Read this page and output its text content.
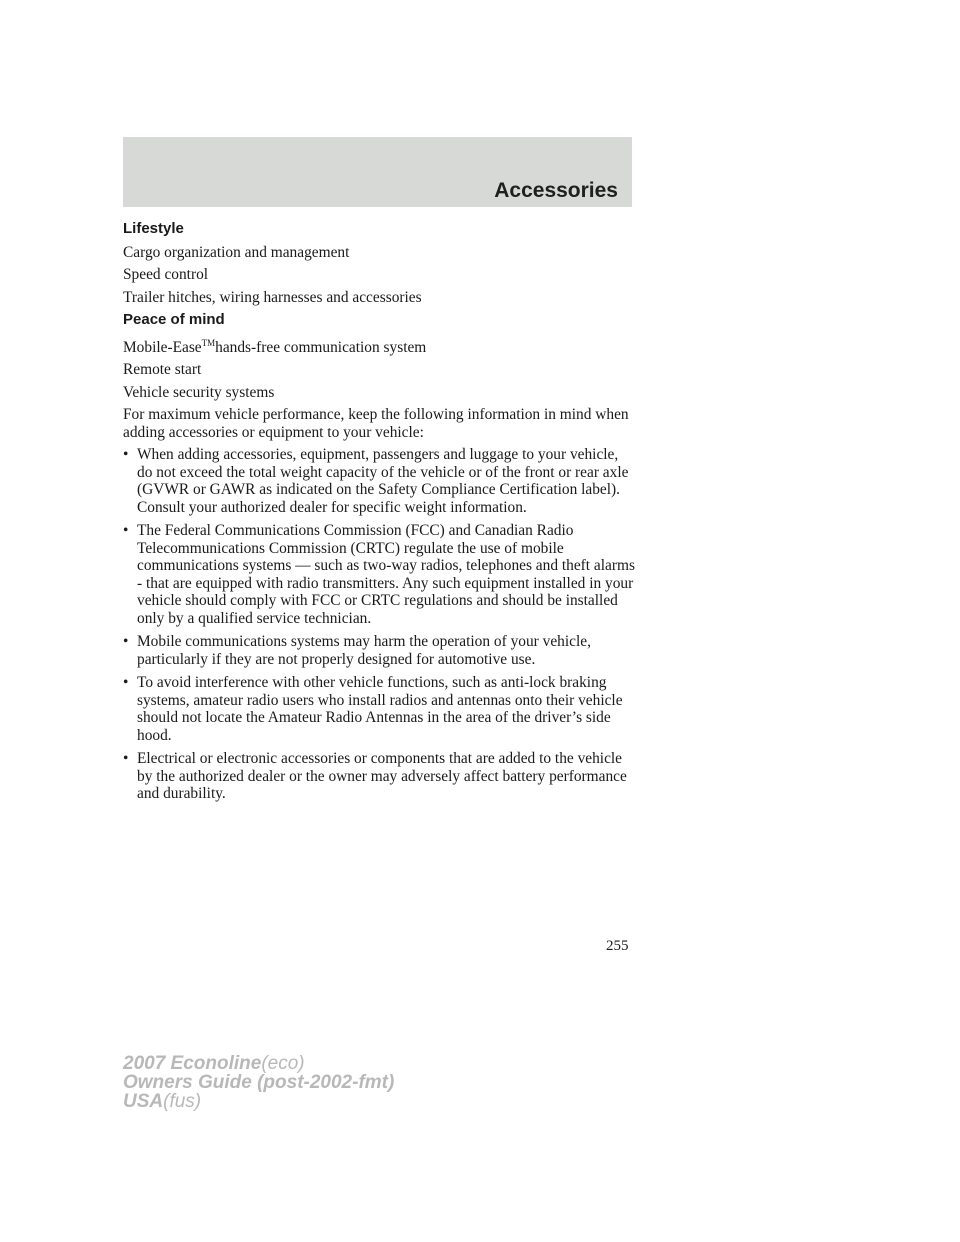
Accessories
Lifestyle
Cargo organization and management
Speed control
Trailer hitches, wiring harnesses and accessories
Peace of mind
Mobile-Ease™hands-free communication system
Remote start
Vehicle security systems
For maximum vehicle performance, keep the following information in mind when adding accessories or equipment to your vehicle:
• When adding accessories, equipment, passengers and luggage to your vehicle, do not exceed the total weight capacity of the vehicle or of the front or rear axle (GVWR or GAWR as indicated on the Safety Compliance Certification label). Consult your authorized dealer for specific weight information.
• The Federal Communications Commission (FCC) and Canadian Radio Telecommunications Commission (CRTC) regulate the use of mobile communications systems — such as two-way radios, telephones and theft alarms - that are equipped with radio transmitters. Any such equipment installed in your vehicle should comply with FCC or CRTC regulations and should be installed only by a qualified service technician.
• Mobile communications systems may harm the operation of your vehicle, particularly if they are not properly designed for automotive use.
• To avoid interference with other vehicle functions, such as anti-lock braking systems, amateur radio users who install radios and antennas onto their vehicle should not locate the Amateur Radio Antennas in the area of the driver’s side hood.
• Electrical or electronic accessories or components that are added to the vehicle by the authorized dealer or the owner may adversely affect battery performance and durability.
255
2007 Econoline(eco)
Owners Guide (post-2002-fmt)
USA(fus)
